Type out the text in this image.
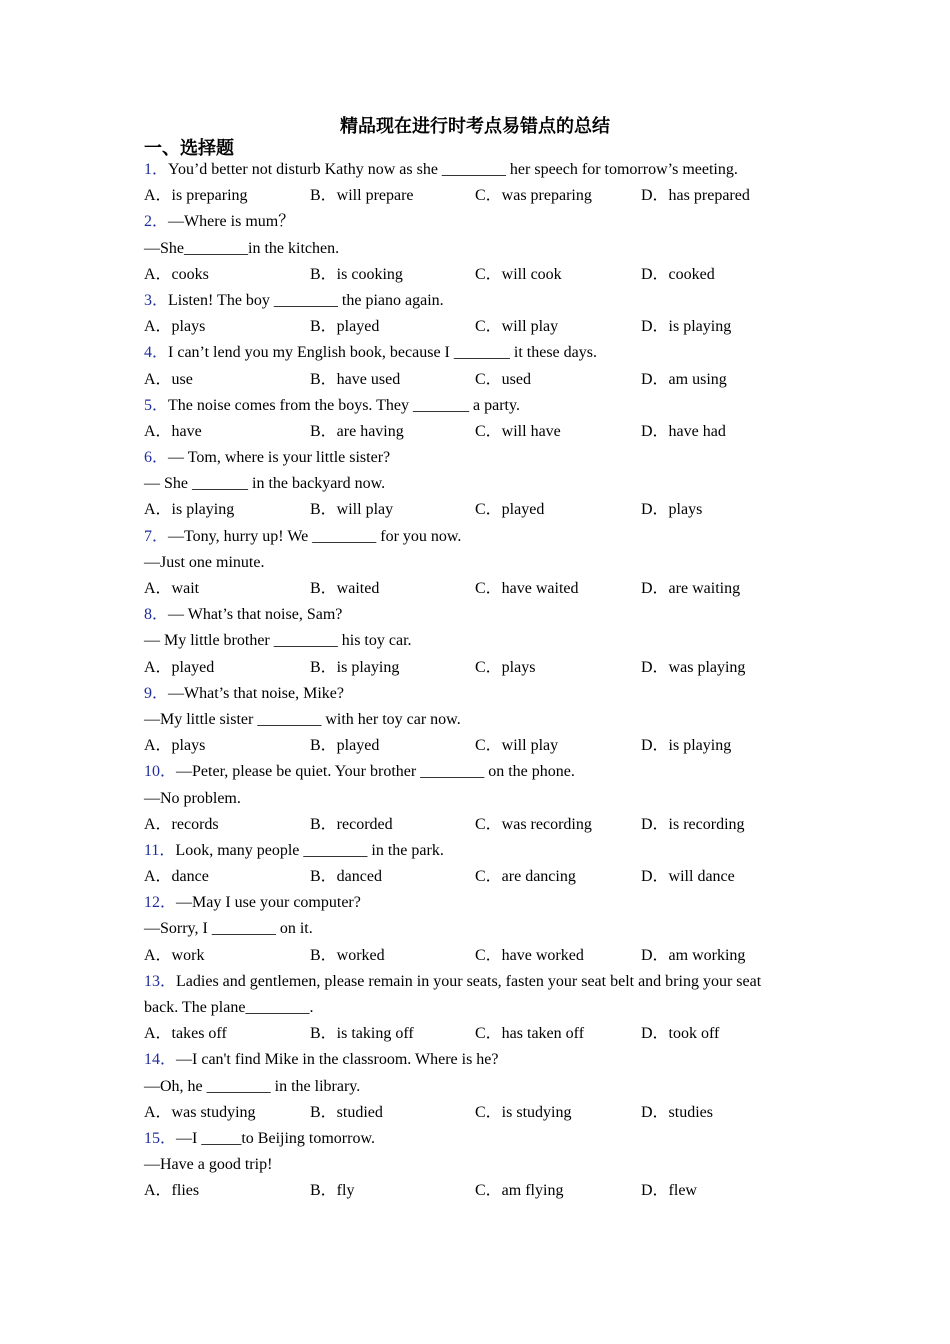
精品现在进行时考点易错点的总结
一、选择题
1．You’d better not disturb Kathy now as she ________ her speech for tomorrow’s meeting.
A．is preparing	B．will prepare	C．was preparing	D．has prepared
2．—Where is mum？
—She________in the kitchen.
A．cooks	B．is cooking	C．will cook	D．cooked
3．Listen! The boy ________ the piano again.
A．plays	B．played	C．will play	D．is playing
4．I can’t lend you my English book, because I _______ it these days.
A．use	B．have used	C．used	D．am using
5．The noise comes from the boys. They _______ a party.
A．have	B．are having	C．will have	D．have had
6．— Tom, where is your little sister?
— She _______ in the backyard now.
A．is playing	B．will play	C．played	D．plays
7．—Tony, hurry up! We ________ for you now.
—Just one minute.
A．wait	B．waited	C．have waited	D．are waiting
8．— What’s that noise, Sam?
— My little brother ________ his toy car.
A．played	B．is playing	C．plays	D．was playing
9．—What’s that noise, Mike?
—My little sister ________ with her toy car now.
A．plays	B．played	C．will play	D．is playing
10．—Peter, please be quiet. Your brother ________ on the phone.
—No problem.
A．records	B．recorded	C．was recording	D．is recording
11．Look, many people ________ in the park.
A．dance	B．danced	C．are dancing	D．will dance
12．—May I use your computer?
—Sorry, I ________ on it.
A．work	B．worked	C．have worked	D．am working
13．Ladies and gentlemen, please remain in your seats, fasten your seat belt and bring your seat
back. The plane________.
A．takes off	B．is taking off	C．has taken off	D．took off
14．—I can't find Mike in the classroom. Where is he?
—Oh, he ________ in the library.
A．was studying	B．studied	C．is studying	D．studies
15．—I _____to Beijing tomorrow.
—Have a good trip!
A．flies	B．fly	C．am flying	D．flew
